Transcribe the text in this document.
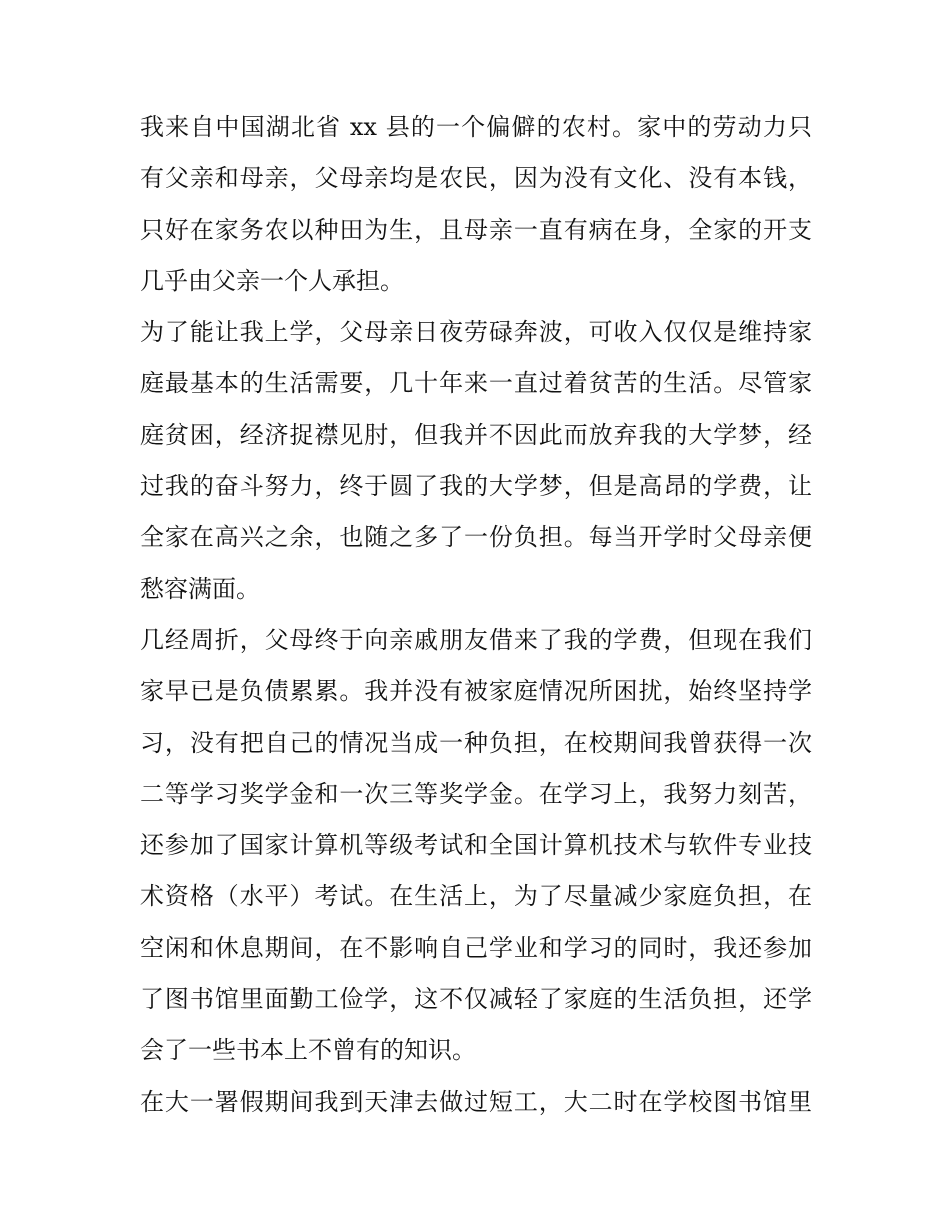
我来自中国湖北省 xx 县的一个偏僻的农村。家中的劳动力只
有父亲和母亲，父母亲均是农民，因为没有文化、没有本钱，
只好在家务农以种田为生，且母亲一直有病在身，全家的开支
几乎由父亲一个人承担。
为了能让我上学，父母亲日夜劳碌奔波，可收入仅仅是维持家
庭最基本的生活需要，几十年来一直过着贫苦的生活。尽管家
庭贫困，经济捉襟见肘，但我并不因此而放弃我的大学梦，经
过我的奋斗努力，终于圆了我的大学梦，但是高昂的学费，让
全家在高兴之余，也随之多了一份负担。每当开学时父母亲便
愁容满面。
几经周折，父母终于向亲戚朋友借来了我的学费，但现在我们
家早已是负债累累。我并没有被家庭情况所困扰，始终坚持学
习，没有把自己的情况当成一种负担，在校期间我曾获得一次
二等学习奖学金和一次三等奖学金。在学习上，我努力刻苦，
还参加了国家计算机等级考试和全国计算机技术与软件专业技
术资格（水平）考试。在生活上，为了尽量减少家庭负担，在
空闲和休息期间，在不影响自己学业和学习的同时，我还参加
了图书馆里面勤工俭学，这不仅减轻了家庭的生活负担，还学
会了一些书本上不曾有的知识。
在大一署假期间我到天津去做过短工，大二时在学校图书馆里
